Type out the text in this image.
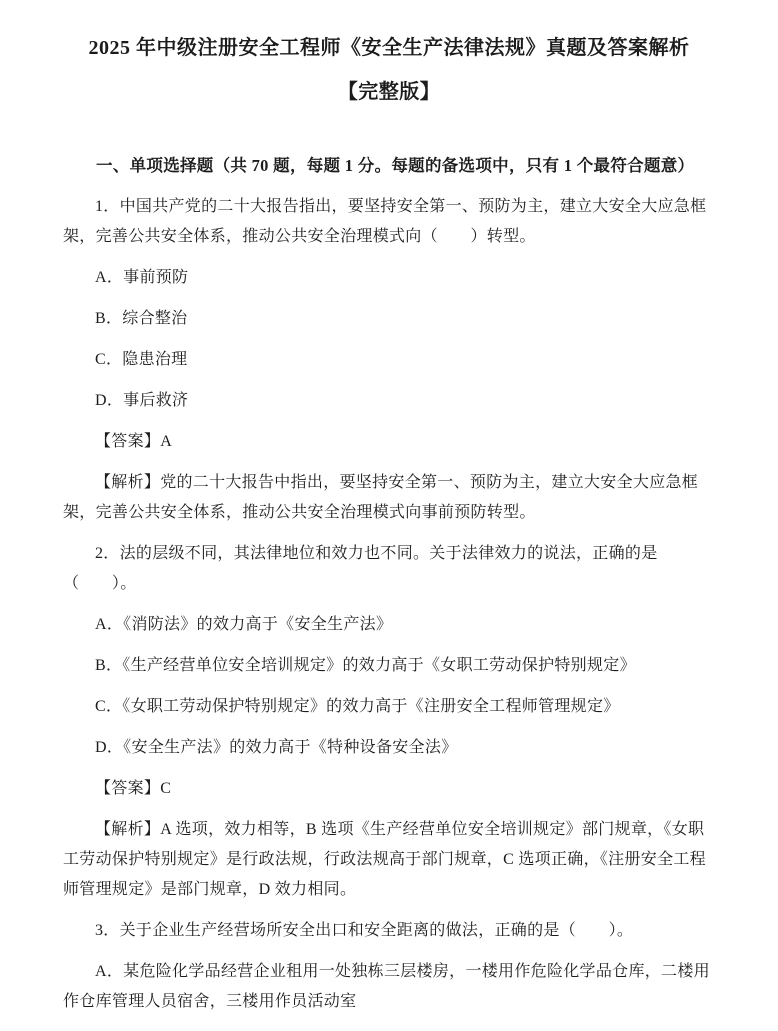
2025 年中级注册安全工程师《安全生产法律法规》真题及答案解析
【完整版】

一、单项选择题（共 70 题，每题 1 分。每题的备选项中，只有 1 个最符合题意）

1．中国共产党的二十大报告指出，要坚持安全第一、预防为主，建立大安全大应急框架，完善公共安全体系，推动公共安全治理模式向（　　）转型。

A．事前预防

B．综合整治

C．隐患治理

D．事后救济

【答案】A

【解析】党的二十大报告中指出，要坚持安全第一、预防为主，建立大安全大应急框架，完善公共安全体系，推动公共安全治理模式向事前预防转型。

2．法的层级不同，其法律地位和效力也不同。关于法律效力的说法，正确的是（　　）。

A．《消防法》的效力高于《安全生产法》

B．《生产经营单位安全培训规定》的效力高于《女职工劳动保护特别规定》

C．《女职工劳动保护特别规定》的效力高于《注册安全工程师管理规定》

D．《安全生产法》的效力高于《特种设备安全法》

【答案】C

【解析】A 选项，效力相等，B 选项《生产经营单位安全培训规定》部门规章，《女职工劳动保护特别规定》是行政法规，行政法规高于部门规章，C 选项正确，《注册安全工程师管理规定》是部门规章，D 效力相同。

3．关于企业生产经营场所安全出口和安全距离的做法，正确的是（　　）。

A．某危险化学品经营企业租用一处独栋三层楼房，一楼用作危险化学品仓库，二楼用作仓库管理人员宿舍，三楼用作员活动室
